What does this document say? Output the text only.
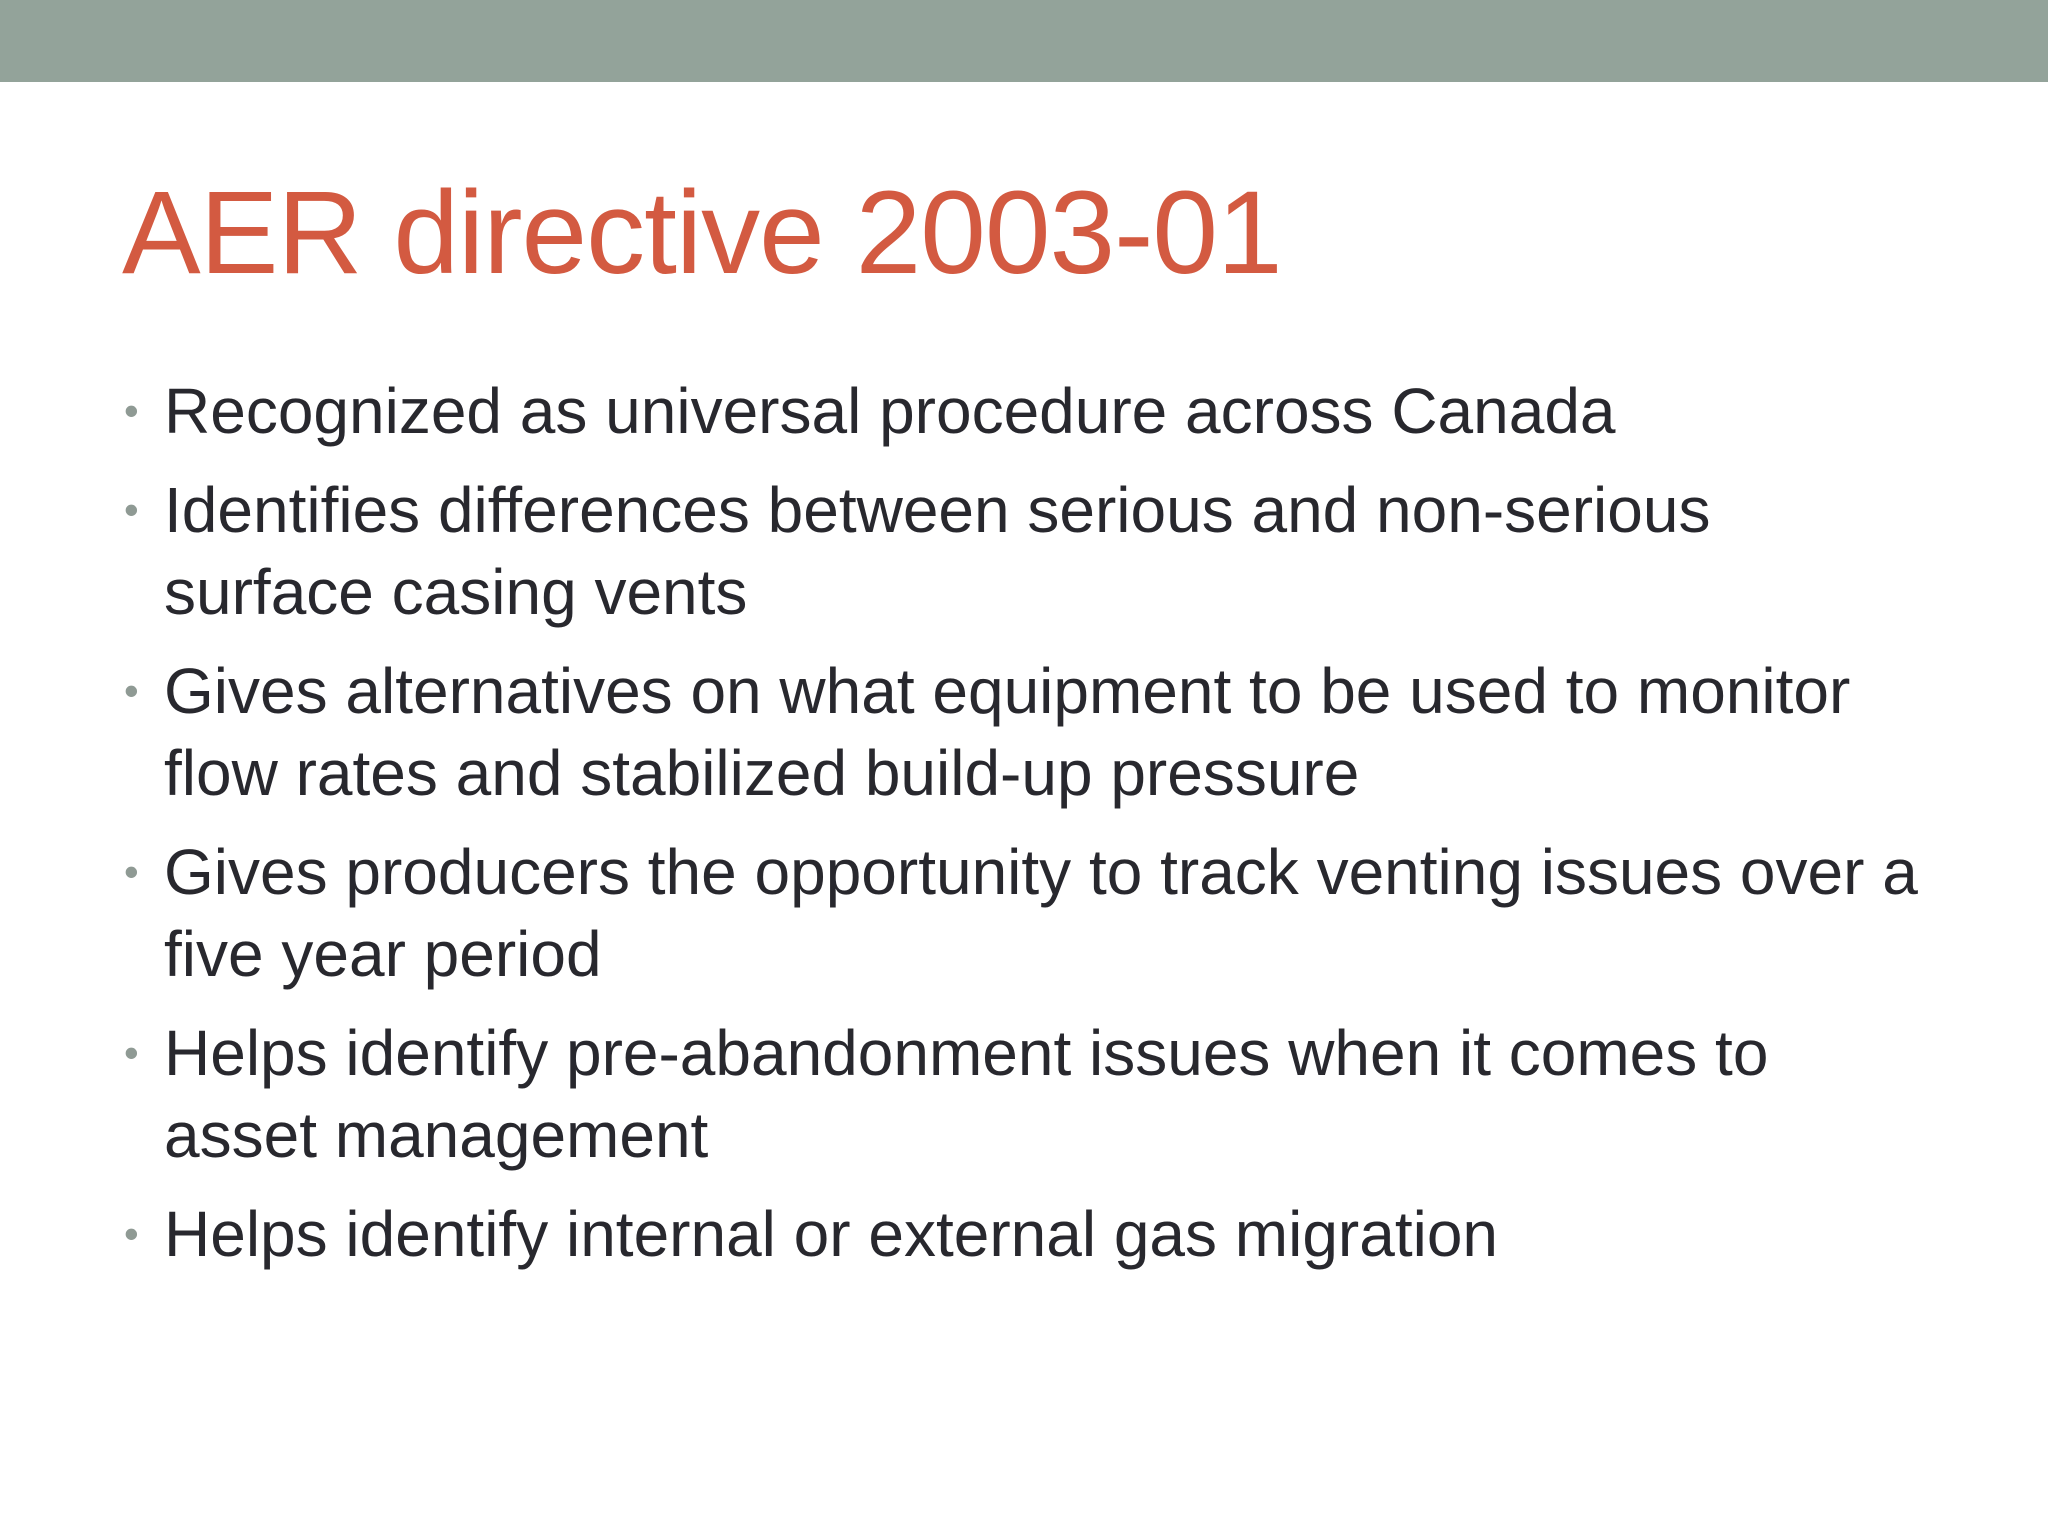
AER directive 2003-01
• Recognized as universal procedure across Canada
• Identifies differences between serious and non-serious surface casing vents
• Gives alternatives on what equipment to be used to monitor flow rates and stabilized build-up pressure
• Gives producers the opportunity to track venting issues over a five year period
• Helps identify pre-abandonment issues when it comes to asset management
• Helps identify internal or external gas migration
